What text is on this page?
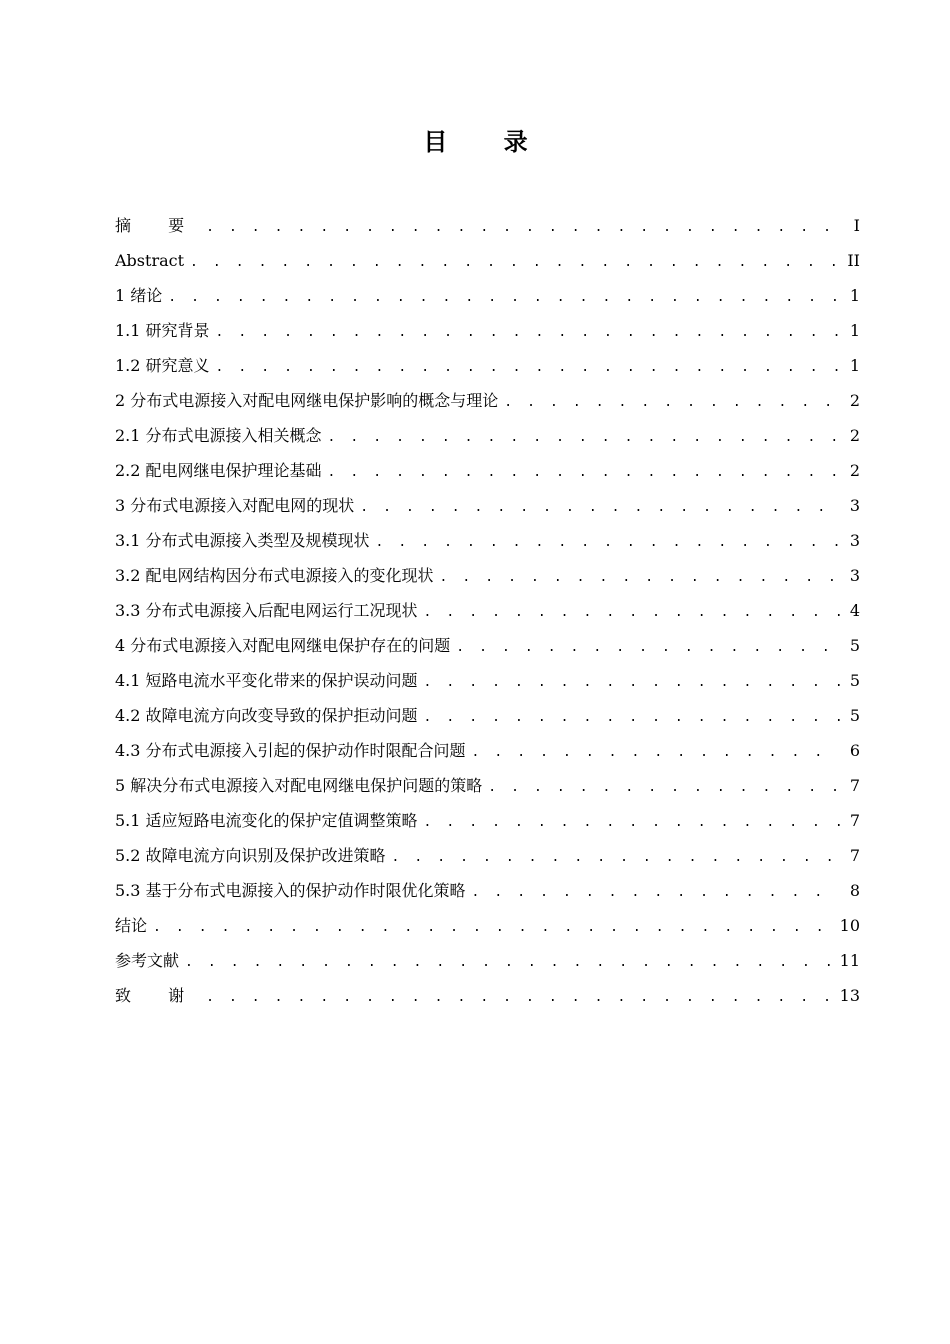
目 录
摘 要 . . .	I
Abstract . . .	II
1 绪论 . . .	1
1.1 研究背景 . . .	1
1.2 研究意义 . . .	1
2 分布式电源接入对配电网继电保护影响的概念与理论 . . .	2
2.1 分布式电源接入相关概念 . . .	2
2.2 配电网继电保护理论基础 . . .	2
3 分布式电源接入对配电网的现状 . . .	3
3.1 分布式电源接入类型及规模现状 . . .	3
3.2 配电网结构因分布式电源接入的变化现状 . . .	3
3.3 分布式电源接入后配电网运行工况现状 . . .	4
4 分布式电源接入对配电网继电保护存在的问题 . . .	5
4.1 短路电流水平变化带来的保护误动问题 . . .	5
4.2 故障电流方向改变导致的保护拒动问题 . . .	5
4.3 分布式电源接入引起的保护动作时限配合问题 . . .	6
5 解决分布式电源接入对配电网继电保护问题的策略 . . .	7
5.1 适应短路电流变化的保护定值调整策略 . . .	7
5.2 故障电流方向识别及保护改进策略 . . .	7
5.3 基于分布式电源接入的保护动作时限优化策略 . . .	8
结论 . . .	10
参考文献 . . .	11
致 谢 . . .	13
